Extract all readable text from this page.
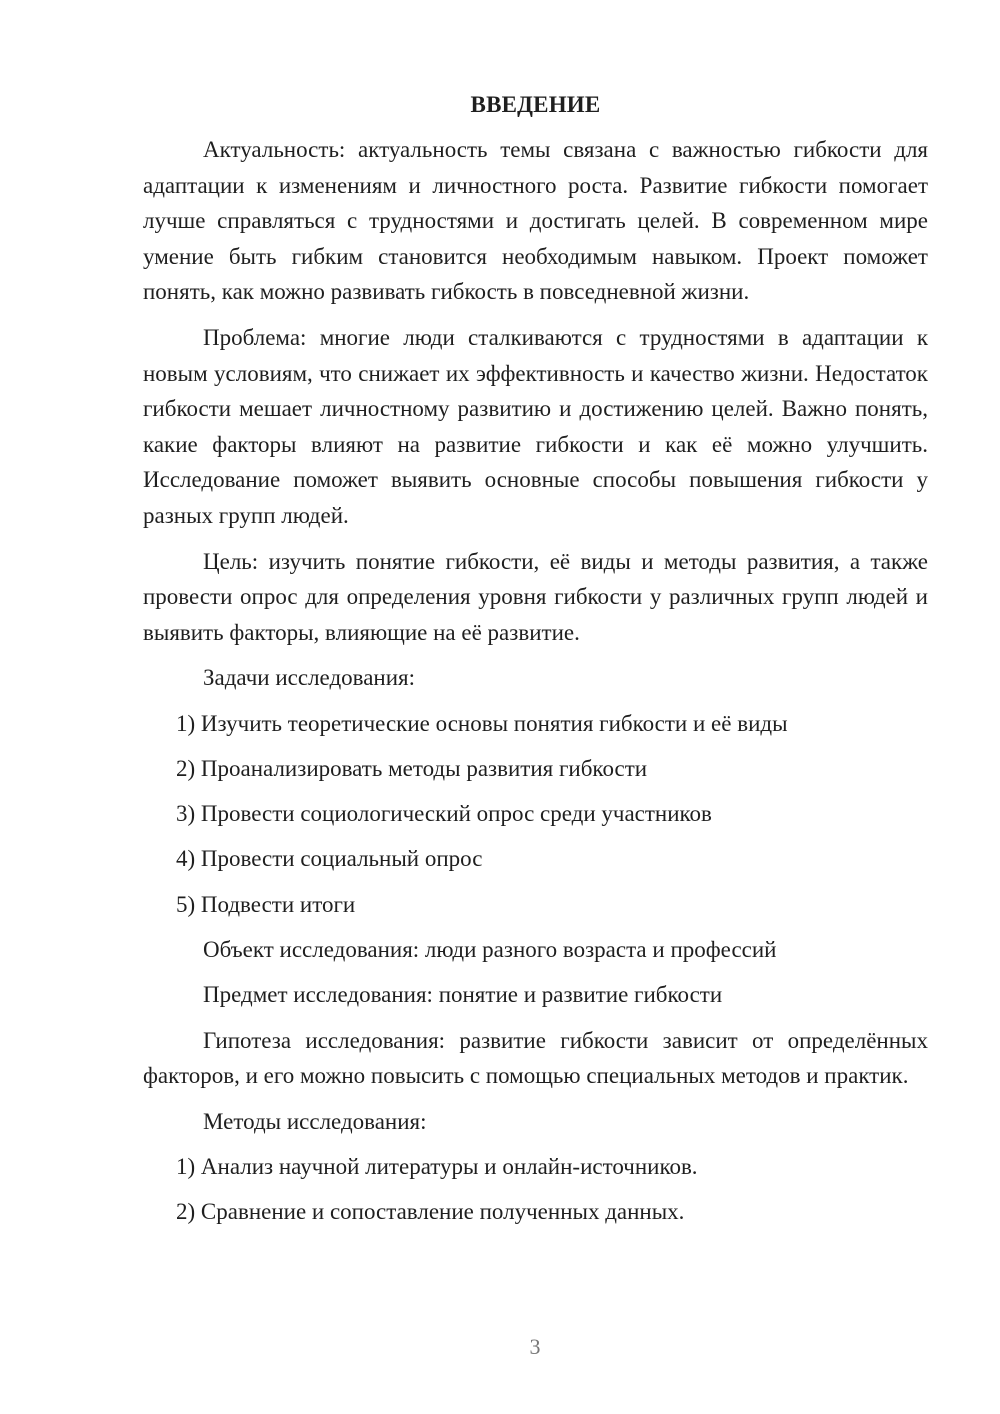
ВВЕДЕНИЕ

Актуальность: актуальность темы связана с важностью гибкости для адаптации к изменениям и личностного роста. Развитие гибкости помогает лучше справляться с трудностями и достигать целей. В современном мире умение быть гибким становится необходимым навыком. Проект поможет понять, как можно развивать гибкость в повседневной жизни.

Проблема: многие люди сталкиваются с трудностями в адаптации к новым условиям, что снижает их эффективность и качество жизни. Недостаток гибкости мешает личностному развитию и достижению целей. Важно понять, какие факторы влияют на развитие гибкости и как её можно улучшить. Исследование поможет выявить основные способы повышения гибкости у разных групп людей.

Цель: изучить понятие гибкости, её виды и методы развития, а также провести опрос для определения уровня гибкости у различных групп людей и выявить факторы, влияющие на её развитие.

Задачи исследования:
1) Изучить теоретические основы понятия гибкости и её виды
2) Проанализировать методы развития гибкости
3) Провести социологический опрос среди участников
4) Провести социальный опрос
5) Подвести итоги
Объект исследования: люди разного возраста и профессий
Предмет исследования: понятие и развитие гибкости

Гипотеза исследования: развитие гибкости зависит от определённых факторов, и его можно повысить с помощью специальных методов и практик.

Методы исследования:
1) Анализ научной литературы и онлайн-источников.
2) Сравнение и сопоставление полученных данных.
3
